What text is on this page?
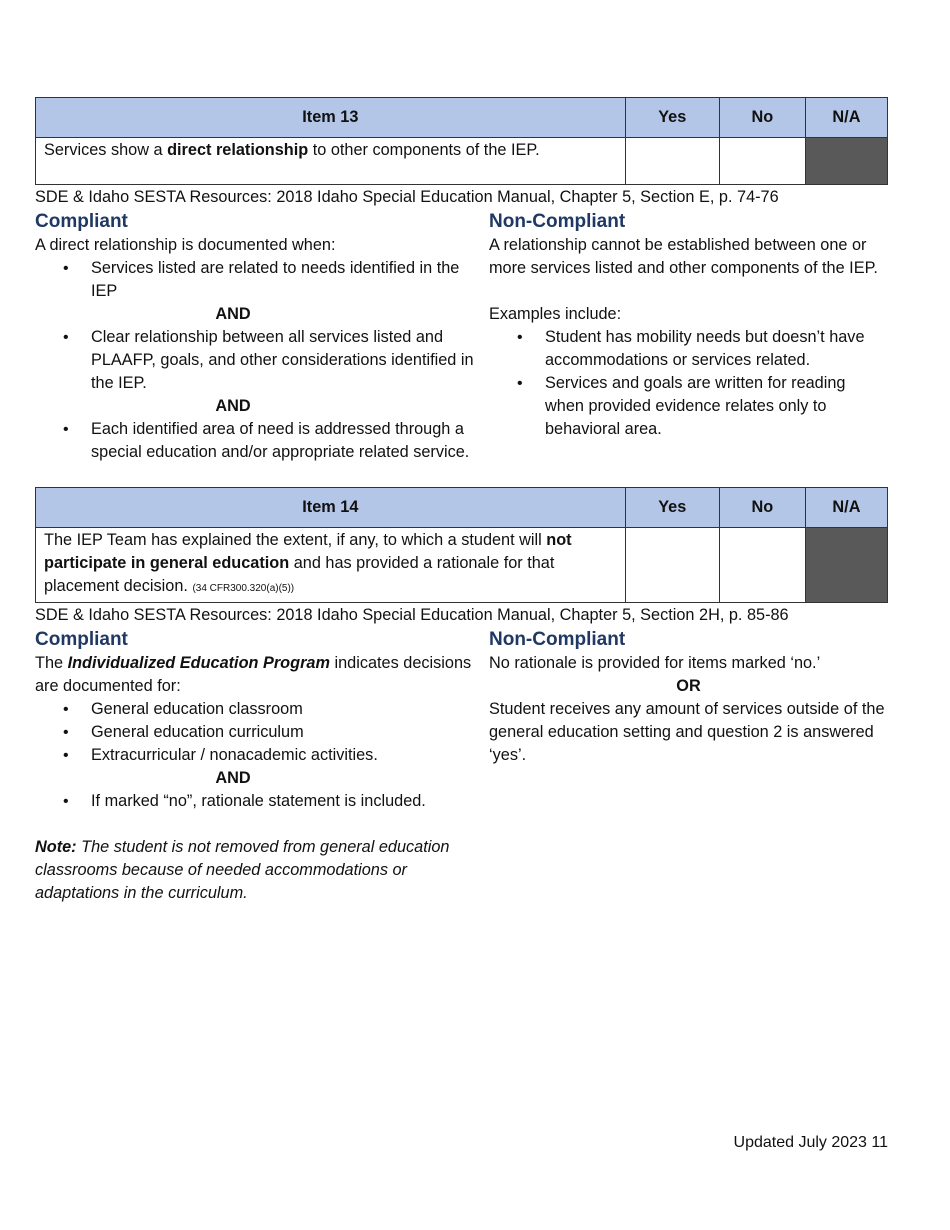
Item 13	Yes	No	N/A
Services show a direct relationship to other components of the IEP.			
SDE & Idaho SESTA Resources: 2018 Idaho Special Education Manual, Chapter 5, Section E, p. 74-76
Compliant

A direct relationship is documented when:

• Services listed are related to needs identified in the IEP
AND
• Clear relationship between all services listed and PLAAFP, goals, and other considerations identified in the IEP.
AND
• Each identified area of need is addressed through a special education and/or appropriate related service.
Non-Compliant

A relationship cannot be established between one or more services listed and other components of the IEP.

Examples include:

• Student has mobility needs but doesn’t have accommodations or services related.
• Services and goals are written for reading when provided evidence relates only to behavioral area.
Item 14	Yes	No	N/A
The IEP Team has explained the extent, if any, to which a student will not participate in general education and has provided a rationale for that placement decision. (34 CFR300.320(a)(5))			
SDE & Idaho SESTA Resources: 2018 Idaho Special Education Manual, Chapter 5, Section 2H, p. 85-86
Compliant

The Individualized Education Program indicates decisions are documented for:

• General education classroom
• General education curriculum
• Extracurricular / nonacademic activities.
AND
• If marked “no”, rationale statement is included.

Note: The student is not removed from general education classrooms because of needed accommodations or adaptations in the curriculum.

Non-Compliant

No rationale is provided for items marked ‘no.’

OR

Student receives any amount of services outside of the general education setting and question 2 is answered ‘yes’.

Updated July 2023 11
